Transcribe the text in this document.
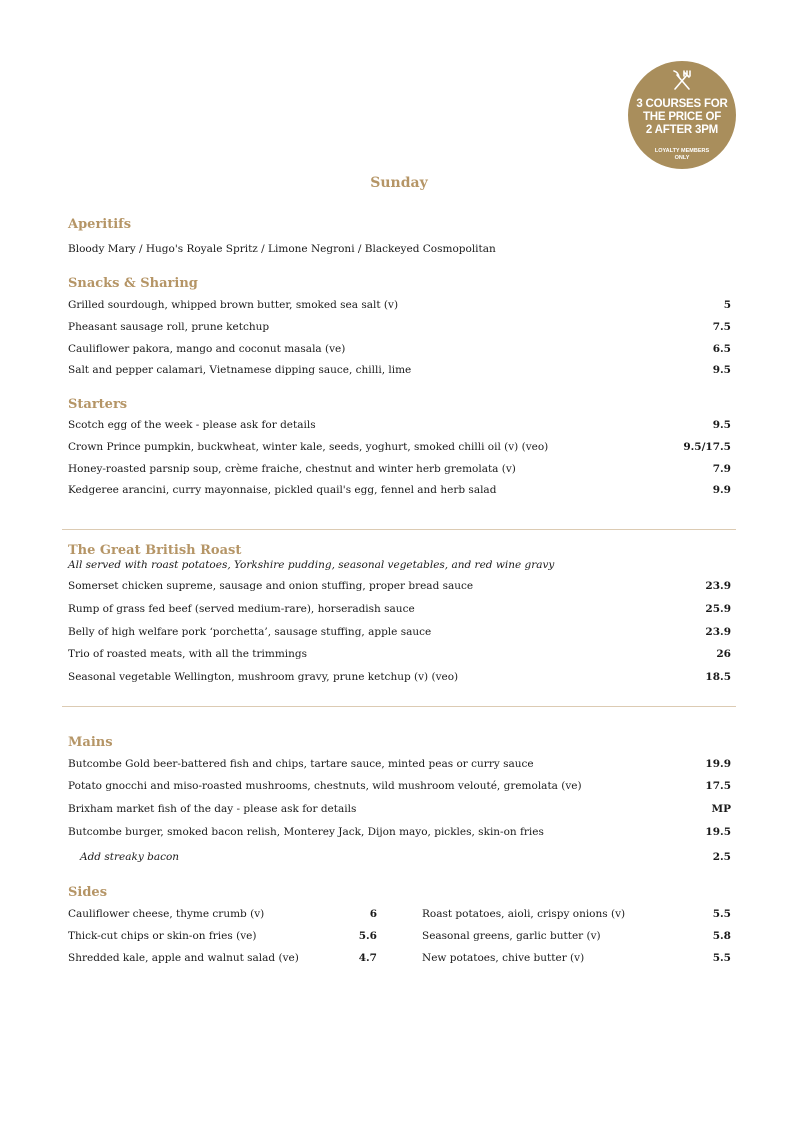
3 COURSES FOR
THE PRICE OF
2 AFTER 3PM
LOYALTY MEMBERS
ONLY
Sunday
Aperitifs

Bloody Mary / Hugo's Royale Spritz / Limone Negroni / Blackeyed Cosmopolitan

Snacks & Sharing
Grilled sourdough, whipped brown butter, smoked sea salt (v)	5
Pheasant sausage roll, prune ketchup	7.5
Cauliflower pakora, mango and coconut masala (ve)	6.5
Salt and pepper calamari, Vietnamese dipping sauce, chilli, lime	9.5
Starters
Scotch egg of the week - please ask for details	9.5
Crown Prince pumpkin, buckwheat, winter kale, seeds, yoghurt, smoked chilli oil (v) (veo)	9.5/17.5
Honey-roasted parsnip soup, crème fraiche, chestnut and winter herb gremolata (v)	7.9
Kedgeree arancini, curry mayonnaise, pickled quail's egg, fennel and herb salad	9.9
The Great British Roast

All served with roast potatoes, Yorkshire pudding, seasonal vegetables, and red wine gravy

Somerset chicken supreme, sausage and onion stuffing, proper bread sauce	23.9
Rump of grass fed beef (served medium-rare), horseradish sauce	25.9
Belly of high welfare pork ‘porchetta’, sausage stuffing, apple sauce	23.9
Trio of roasted meats, with all the trimmings	26
Seasonal vegetable Wellington, mushroom gravy, prune ketchup (v) (veo)	18.5
Mains
Butcombe Gold beer-battered fish and chips, tartare sauce, minted peas or curry sauce	19.9
Potato gnocchi and miso-roasted mushrooms, chestnuts, wild mushroom velouté, gremolata (ve)	17.5
Brixham market fish of the day - please ask for details	MP
Butcombe burger, smoked bacon relish, Monterey Jack, Dijon mayo, pickles, skin-on fries	19.5
Add streaky bacon	2.5
Sides
Cauliflower cheese, thyme crumb (v)	6
Thick-cut chips or skin-on fries (ve)	5.6
Shredded kale, apple and walnut salad (ve)	4.7
Roast potatoes, aioli, crispy onions (v)	5.5
Seasonal greens, garlic butter (v)	5.8
New potatoes, chive butter (v)	5.5
